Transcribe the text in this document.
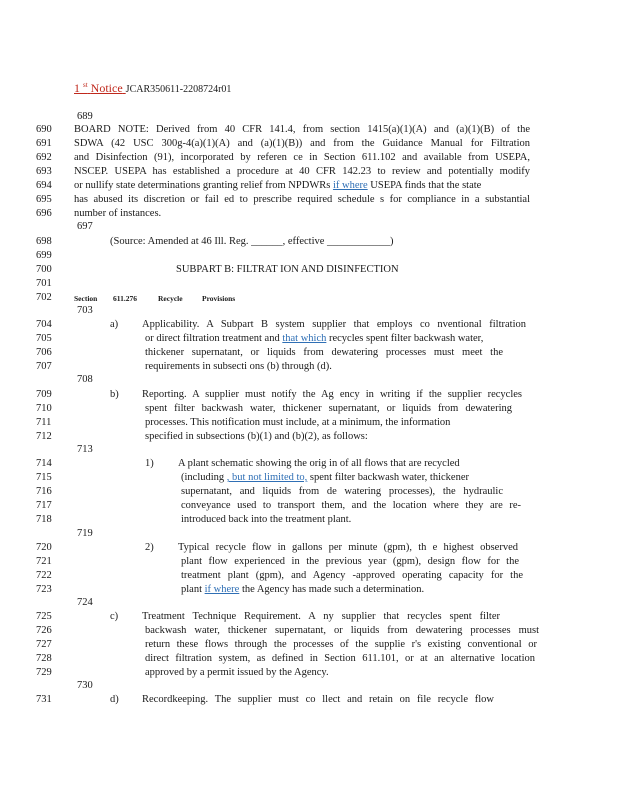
1 $^{st}$ Notice JCAR350611-2208724r01
689
690	BOARD NOTE: Derived from 40 CFR 141.4, from section 1415(a)(1)(A) and (a)(1)(B) of the
691	SDWA (42 USC 300g-4(a)(1)(A) and (a)(1)(B)) and from the Guidance Manual for Filtration
692	and Disinfection (91), incorporated by referen ce in Section 611.102 and available from USEPA,
693	NSCEP. USEPA has established a procedure at 40 CFR 142.23 to review and potentially modify
694	or nullify state determinations granting relief from NPDWRs if where USEPA finds that the state
695	has abused its discretion or fail ed to prescribe required schedule s for compliance in a substantial
696	number of instances.
697
698	(Source: Amended at 46 Ill. Reg. ______, effective ____________)
699
700	SUBPART B: FILTRAT ION AND DISINFECTION
701
702	Section 611.276	Recycle	Provisions
703
704	a) Applicability. A Subpart B system supplier that employs co nventional filtration
705	or direct filtration treatment and that which recycles spent filter backwash water,
706	thickener supernatant, or liquids from dewatering processes must meet the
707	requirements in subsecti ons (b) through (d).
708
709	b) Reporting. A supplier must notify the Ag ency in writing if the supplier recycles
710	spent filter backwash water, thickener supernatant, or liquids from dewatering
711	processes. This notification must include, at a minimum, the information
712	specified in subsections (b)(1) and (b)(2), as follows:
713
714	1) A plant schematic showing the orig in of all flows that are recycled
715	(including , but not limited to, spent filter backwash water, thickener
716	supernatant, and liquids from de watering processes), the hydraulic
717	conveyance used to transport them, and the location where they are re-
718	introduced back into the treatment plant.
719
720	2) Typical recycle flow in gallons per minute (gpm), th e highest observed
721	plant flow experienced in the previous year (gpm), design flow for the
722	treatment plant (gpm), and Agency -approved operating capacity for the
723	plant if where the Agency has made such a determination.
724
725	c) Treatment Technique Requirement. A ny supplier that recycles spent filter
726	backwash water, thickener supernatant, or liquids from dewatering processes must
727	return these flows through the processes of the supplie r's existing conventional or
728	direct filtration system, as defined in Section 611.101, or at an alternative location
729	approved by a permit issued by the Agency.
730
731	d) Recordkeeping. The supplier must co llect and retain on file recycle flow
